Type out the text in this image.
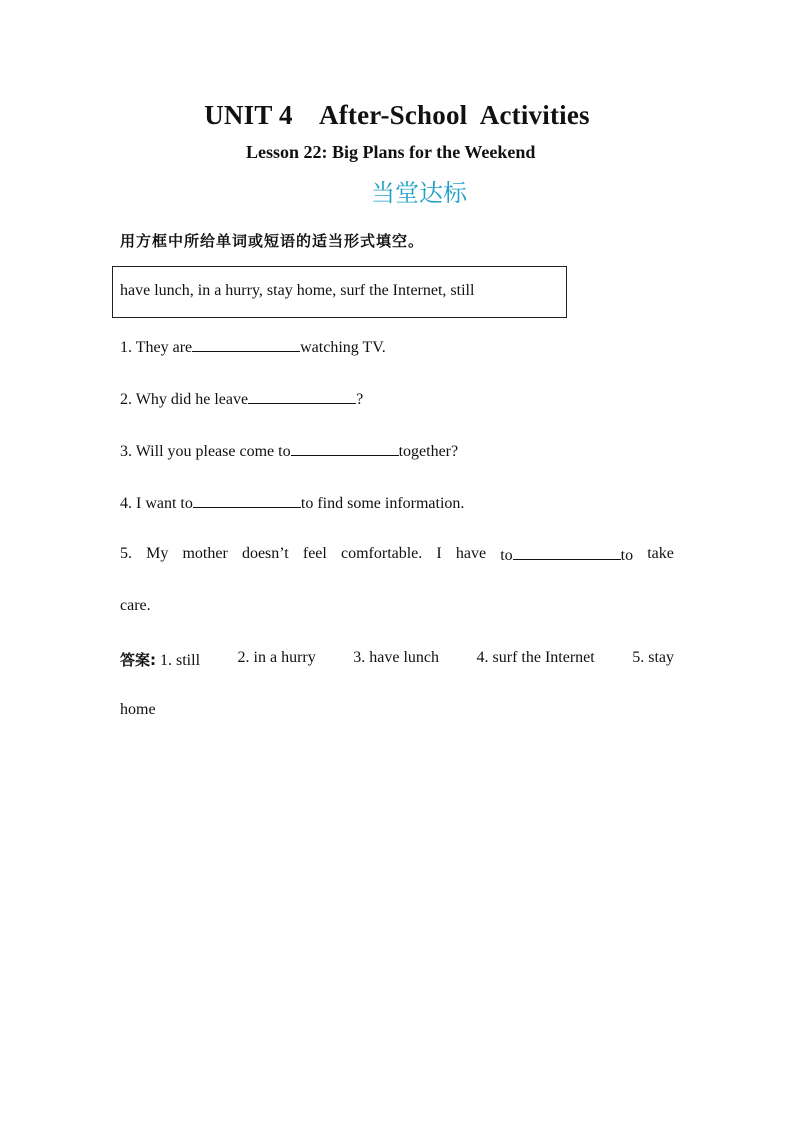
UNIT 4    After-School  Activities
Lesson 22: Big Plans for the Weekend
当堂达标
用方框中所给单词或短语的适当形式填空。
have lunch, in a hurry, stay home, surf the Internet, still
1. They are	watching TV.
2. Why did he leave	?
3. Will you please come to	together?
4. I want to	to find some information.
5. My mother doesn’t feel comfortable. I have to	to take
care.
答案: 1. still 2. in a hurry 3. have lunch 4. surf the Internet 5. stay
home
